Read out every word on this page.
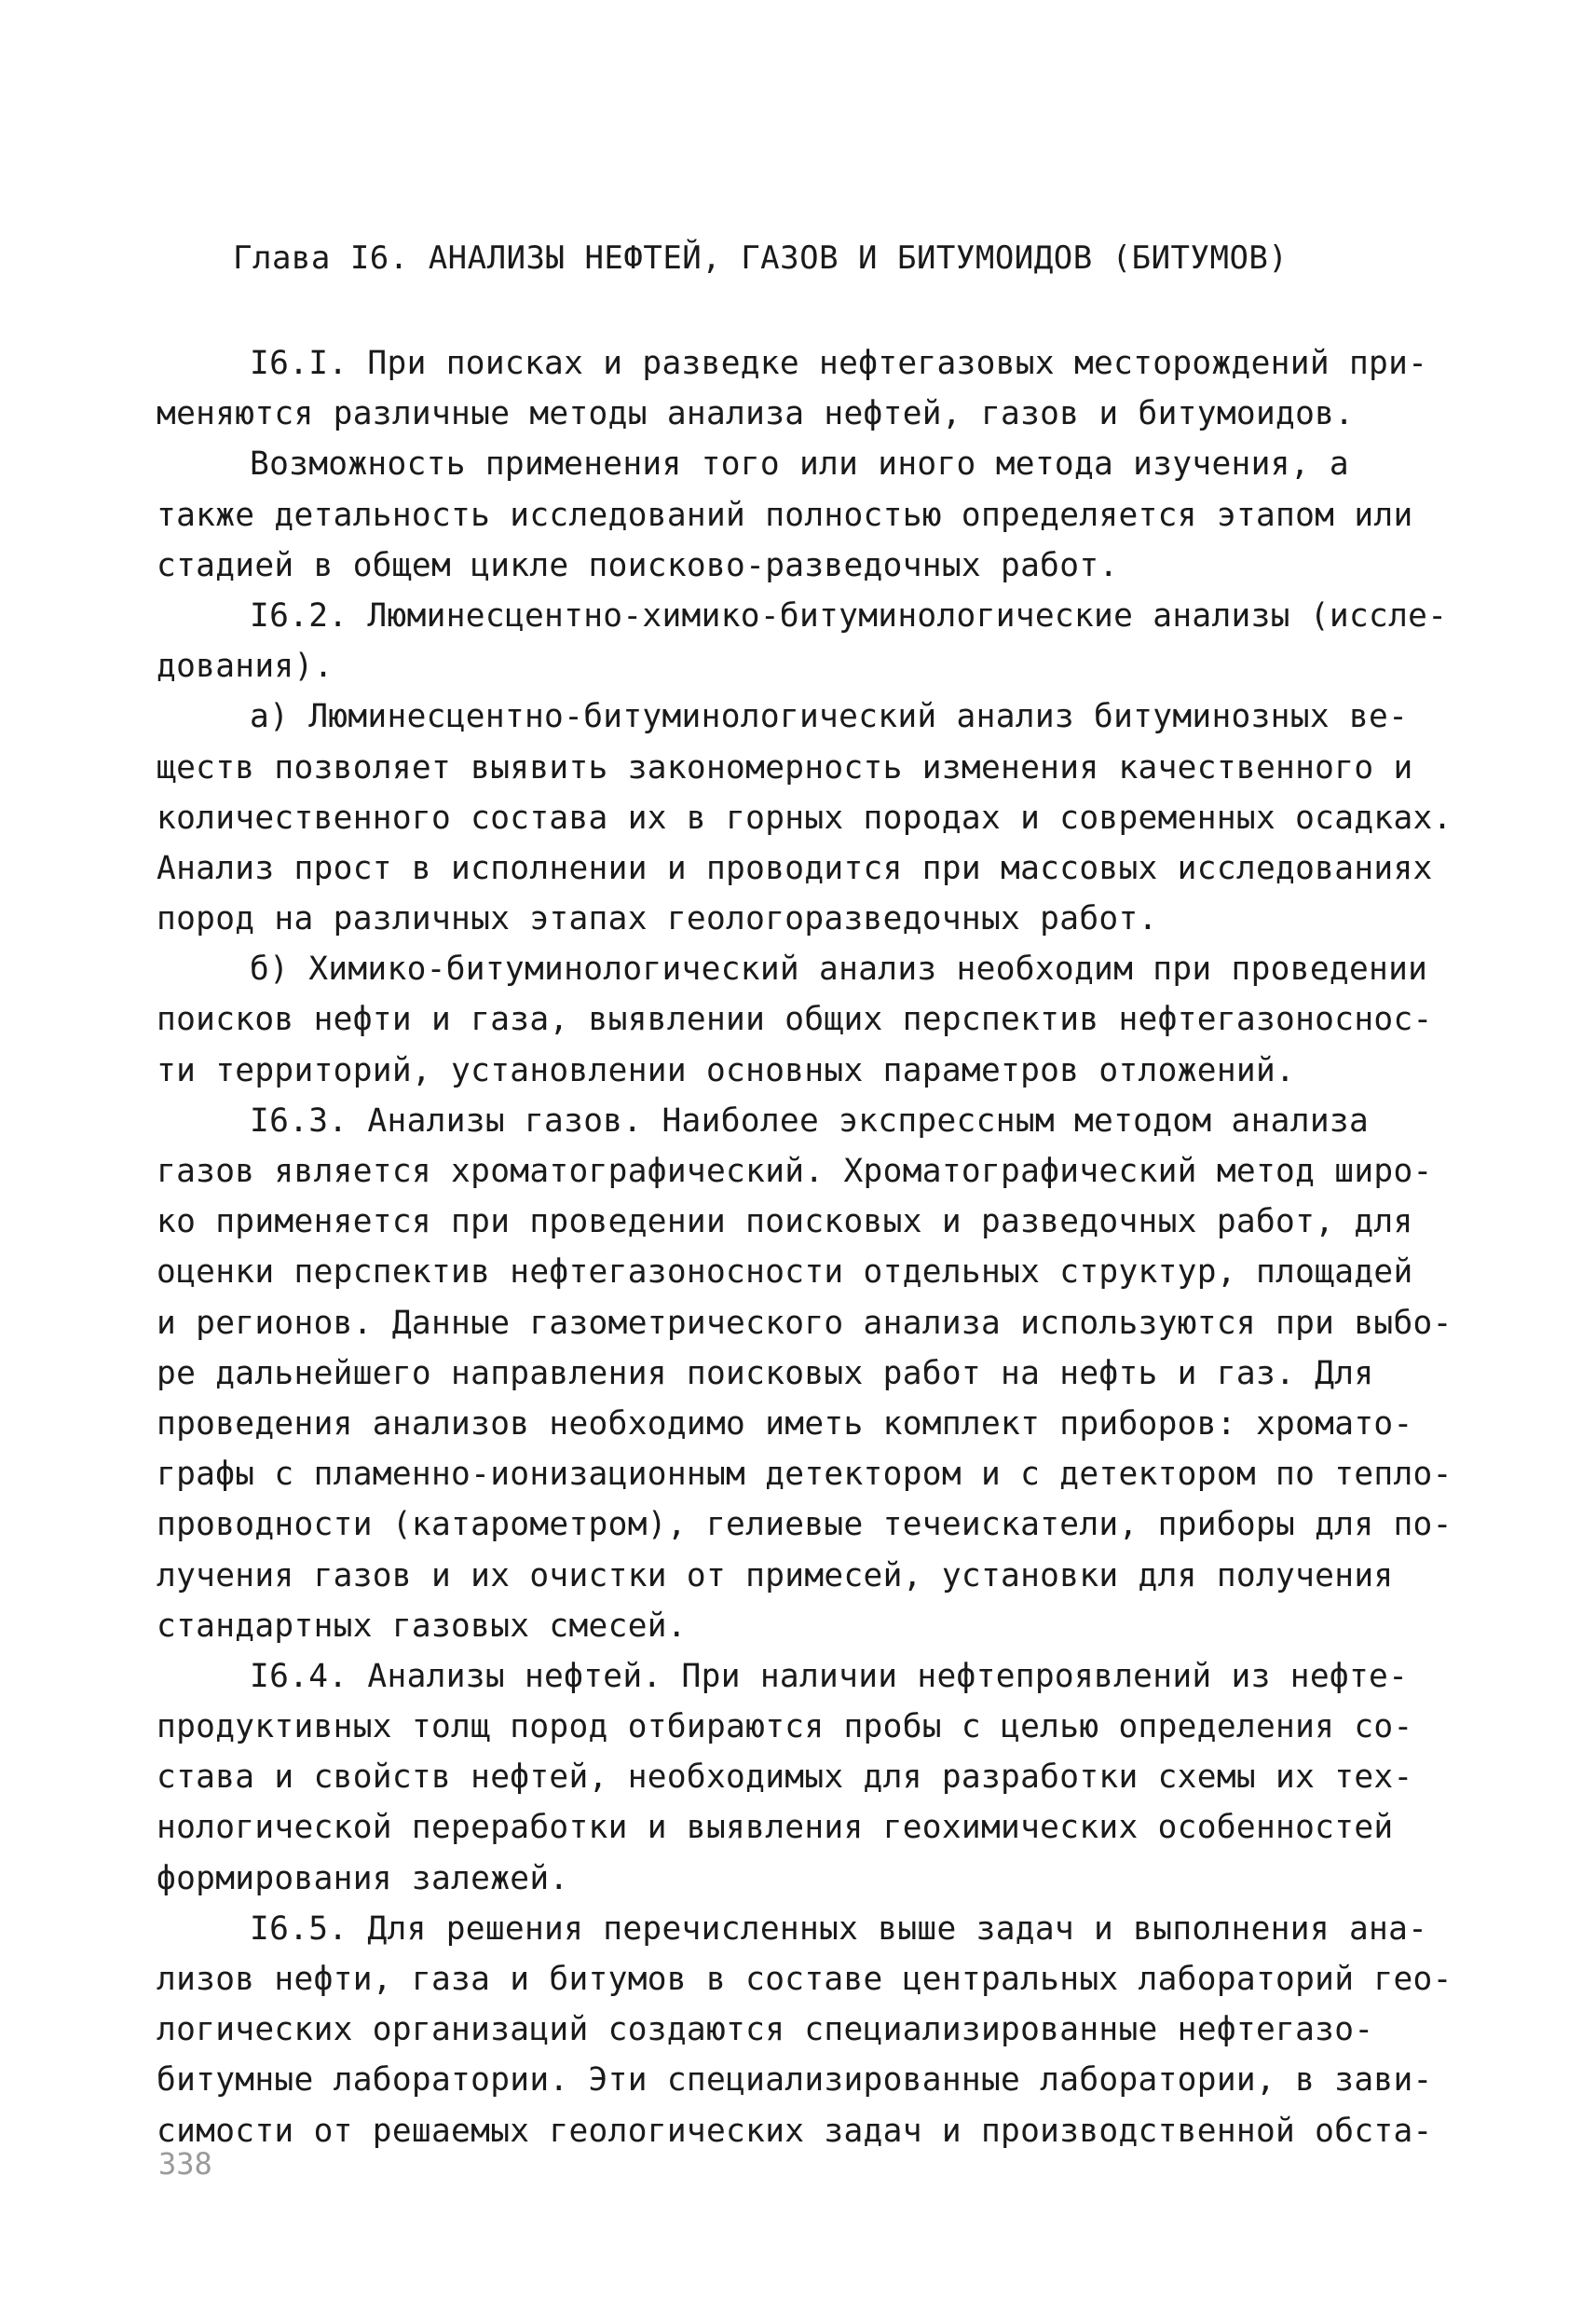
Глава I6. АНАЛИЗЫ НЕФТЕЙ, ГАЗОВ И БИТУМОИДОВ (БИТУМОВ)
I6.I. При поисках и разведке нефтегазовых месторождений при-
меняются различные методы анализа нефтей, газов и битумоидов.
Возможность применения того или иного метода изучения, а
также детальность исследований полностью определяется этапом или
стадией в общем цикле поисково-разведочных работ.
I6.2. Люминесцентно-химико-битуминологические анализы (иссле-
дования).
а) Люминесцентно-битуминологический анализ битуминозных ве-
ществ позволяет выявить закономерность изменения качественного и
количественного состава их в горных породах и современных осадках.
Анализ прост в исполнении и проводится при массовых исследованиях
пород на различных этапах геологоразведочных работ.
б) Химико-битуминологический анализ необходим при проведении
поисков нефти и газа, выявлении общих перспектив нефтегазоноснос-
ти территорий, установлении основных параметров отложений.
I6.3. Анализы газов. Наиболее экспрессным методом анализа
газов является хроматографический. Хроматографический метод широ-
ко применяется при проведении поисковых и разведочных работ, для
оценки перспектив нефтегазоносности отдельных структур, площадей
и регионов. Данные газометрического анализа используются при выбо-
ре дальнейшего направления поисковых работ на нефть и газ. Для
проведения анализов необходимо иметь комплект приборов: хромато-
графы с пламенно-ионизационным детектором и с детектором по тепло-
проводности (катарометром), гелиевые течеискатели, приборы для по-
лучения газов и их очистки от примесей, установки для получения
стандартных газовых смесей.
I6.4. Анализы нефтей. При наличии нефтепроявлений из нефте-
продуктивных толщ пород отбираются пробы с целью определения со-
става и свойств нефтей, необходимых для разработки схемы их тех-
нологической переработки и выявления геохимических особенностей
формирования залежей.
I6.5. Для решения перечисленных выше задач и выполнения ана-
лизов нефти, газа и битумов в составе центральных лабораторий гео-
логических организаций создаются специализированные нефтегазо-
битумные лаборатории. Эти специализированные лаборатории, в зави-
симости от решаемых геологических задач и производственной обста-
338
